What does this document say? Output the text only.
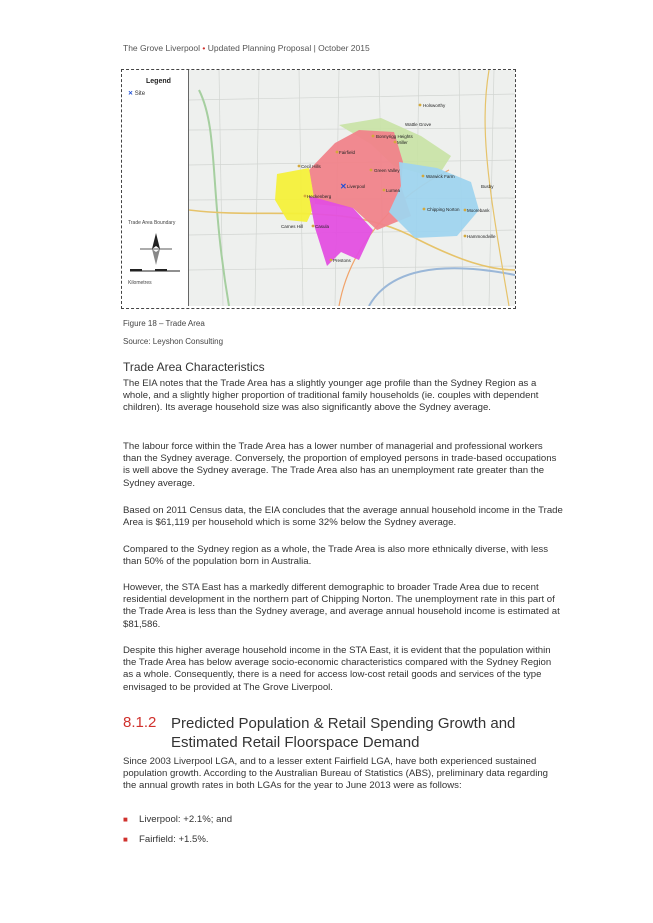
The Grove Liverpool • Updated Planning Proposal | October 2015
Legend
✕ Site
Trade Area Boundary
Kilometres
✕
Holsworthy
Bonnyrigg Heights
Miller
Fairfield
Cecil Hills
Green Valley
Liverpool
Warwick Farm
Lurnea
Heckenberg
Chipping Norton Moorebank
Casula
Hammondville
Prestons
Carnes Hill
Busby
Wattle Grove
Figure 18 – Trade Area
Source: Leyshon Consulting
Trade Area Characteristics
The EIA notes that the Trade Area has a slightly younger age profile than the Sydney Region as a whole, and a slightly higher proportion of traditional family households (ie. couples with dependent children). Its average household size was also significantly above the Sydney average.
The labour force within the Trade Area has a lower number of managerial and professional workers than the Sydney average. Conversely, the proportion of employed persons in trade-based occupations is well above the Sydney average. The Trade Area also has an unemployment rate greater than the Sydney average.
Based on 2011 Census data, the EIA concludes that the average annual household income in the Trade Area is $61,119 per household which is some 32% below the Sydney average.
Compared to the Sydney region as a whole, the Trade Area is also more ethnically diverse, with less than 50% of the population born in Australia.
However, the STA East has a markedly different demographic to broader Trade Area due to recent residential development in the northern part of Chipping Norton. The unemployment rate in this part of the Trade Area is less than the Sydney average, and average annual household income is estimated at $81,586.
Despite this higher average household income in the STA East, it is evident that the population within the Trade Area has below average socio-economic characteristics compared with the Sydney Region as a whole. Consequently, there is a need for access low-cost retail goods and services of the type envisaged to be provided at The Grove Liverpool.
8.1.2 Predicted Population & Retail Spending Growth and Estimated Retail Floorspace Demand
Since 2003 Liverpool LGA, and to a lesser extent Fairfield LGA, have both experienced sustained population growth. According to the Australian Bureau of Statistics (ABS), preliminary data regarding the annual growth rates in both LGAs for the year to June 2013 were as follows:
■ Liverpool: +2.1%; and
■ Fairfield: +1.5%.
